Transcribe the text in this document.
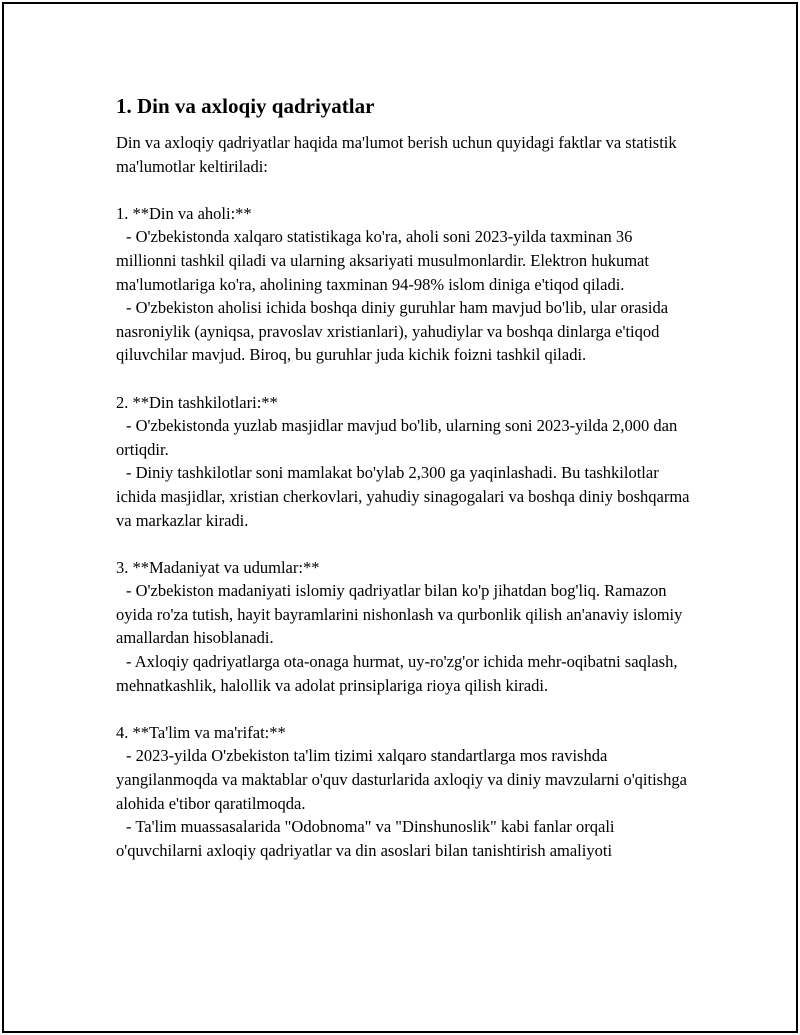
1. Din va axloqiy qadriyatlar

Din va axloqiy qadriyatlar haqida ma'lumot berish uchun quyidagi faktlar va statistik ma'lumotlar keltiriladi:

1. **Din va aholi:**

- O'zbekistonda xalqaro statistikaga ko'ra, aholi soni 2023-yilda taxminan 36 millionni tashkil qiladi va ularning aksariyati musulmonlardir. Elektron hukumat ma'lumotlariga ko'ra, aholining taxminan 94-98% islom diniga e'tiqod qiladi.

- O'zbekiston aholisi ichida boshqa diniy guruhlar ham mavjud bo'lib, ular orasida nasroniylik (ayniqsa, pravoslav xristianlari), yahudiylar va boshqa dinlarga e'tiqod qiluvchilar mavjud. Biroq, bu guruhlar juda kichik foizni tashkil qiladi.

2. **Din tashkilotlari:**

- O'zbekistonda yuzlab masjidlar mavjud bo'lib, ularning soni 2023-yilda 2,000 dan ortiqdir.

- Diniy tashkilotlar soni mamlakat bo'ylab 2,300 ga yaqinlashadi. Bu tashkilotlar ichida masjidlar, xristian cherkovlari, yahudiy sinagogalari va boshqa diniy boshqarma va markazlar kiradi.

3. **Madaniyat va udumlar:**

- O'zbekiston madaniyati islomiy qadriyatlar bilan ko'p jihatdan bog'liq. Ramazon oyida ro'za tutish, hayit bayramlarini nishonlash va qurbonlik qilish an'anaviy islomiy amallardan hisoblanadi.

- Axloqiy qadriyatlarga ota-onaga hurmat, uy-ro'zg'or ichida mehr-oqibatni saqlash, mehnatkashlik, halollik va adolat prinsiplariga rioya qilish kiradi.

4. **Ta'lim va ma'rifat:**

- 2023-yilda O'zbekiston ta'lim tizimi xalqaro standartlarga mos ravishda yangilanmoqda va maktablar o'quv dasturlarida axloqiy va diniy mavzularni o'qitishga alohida e'tibor qaratilmoqda.

- Ta'lim muassasalarida "Odobnoma" va "Dinshunoslik" kabi fanlar orqali o'quvchilarni axloqiy qadriyatlar va din asoslari bilan tanishtirish amaliyoti
